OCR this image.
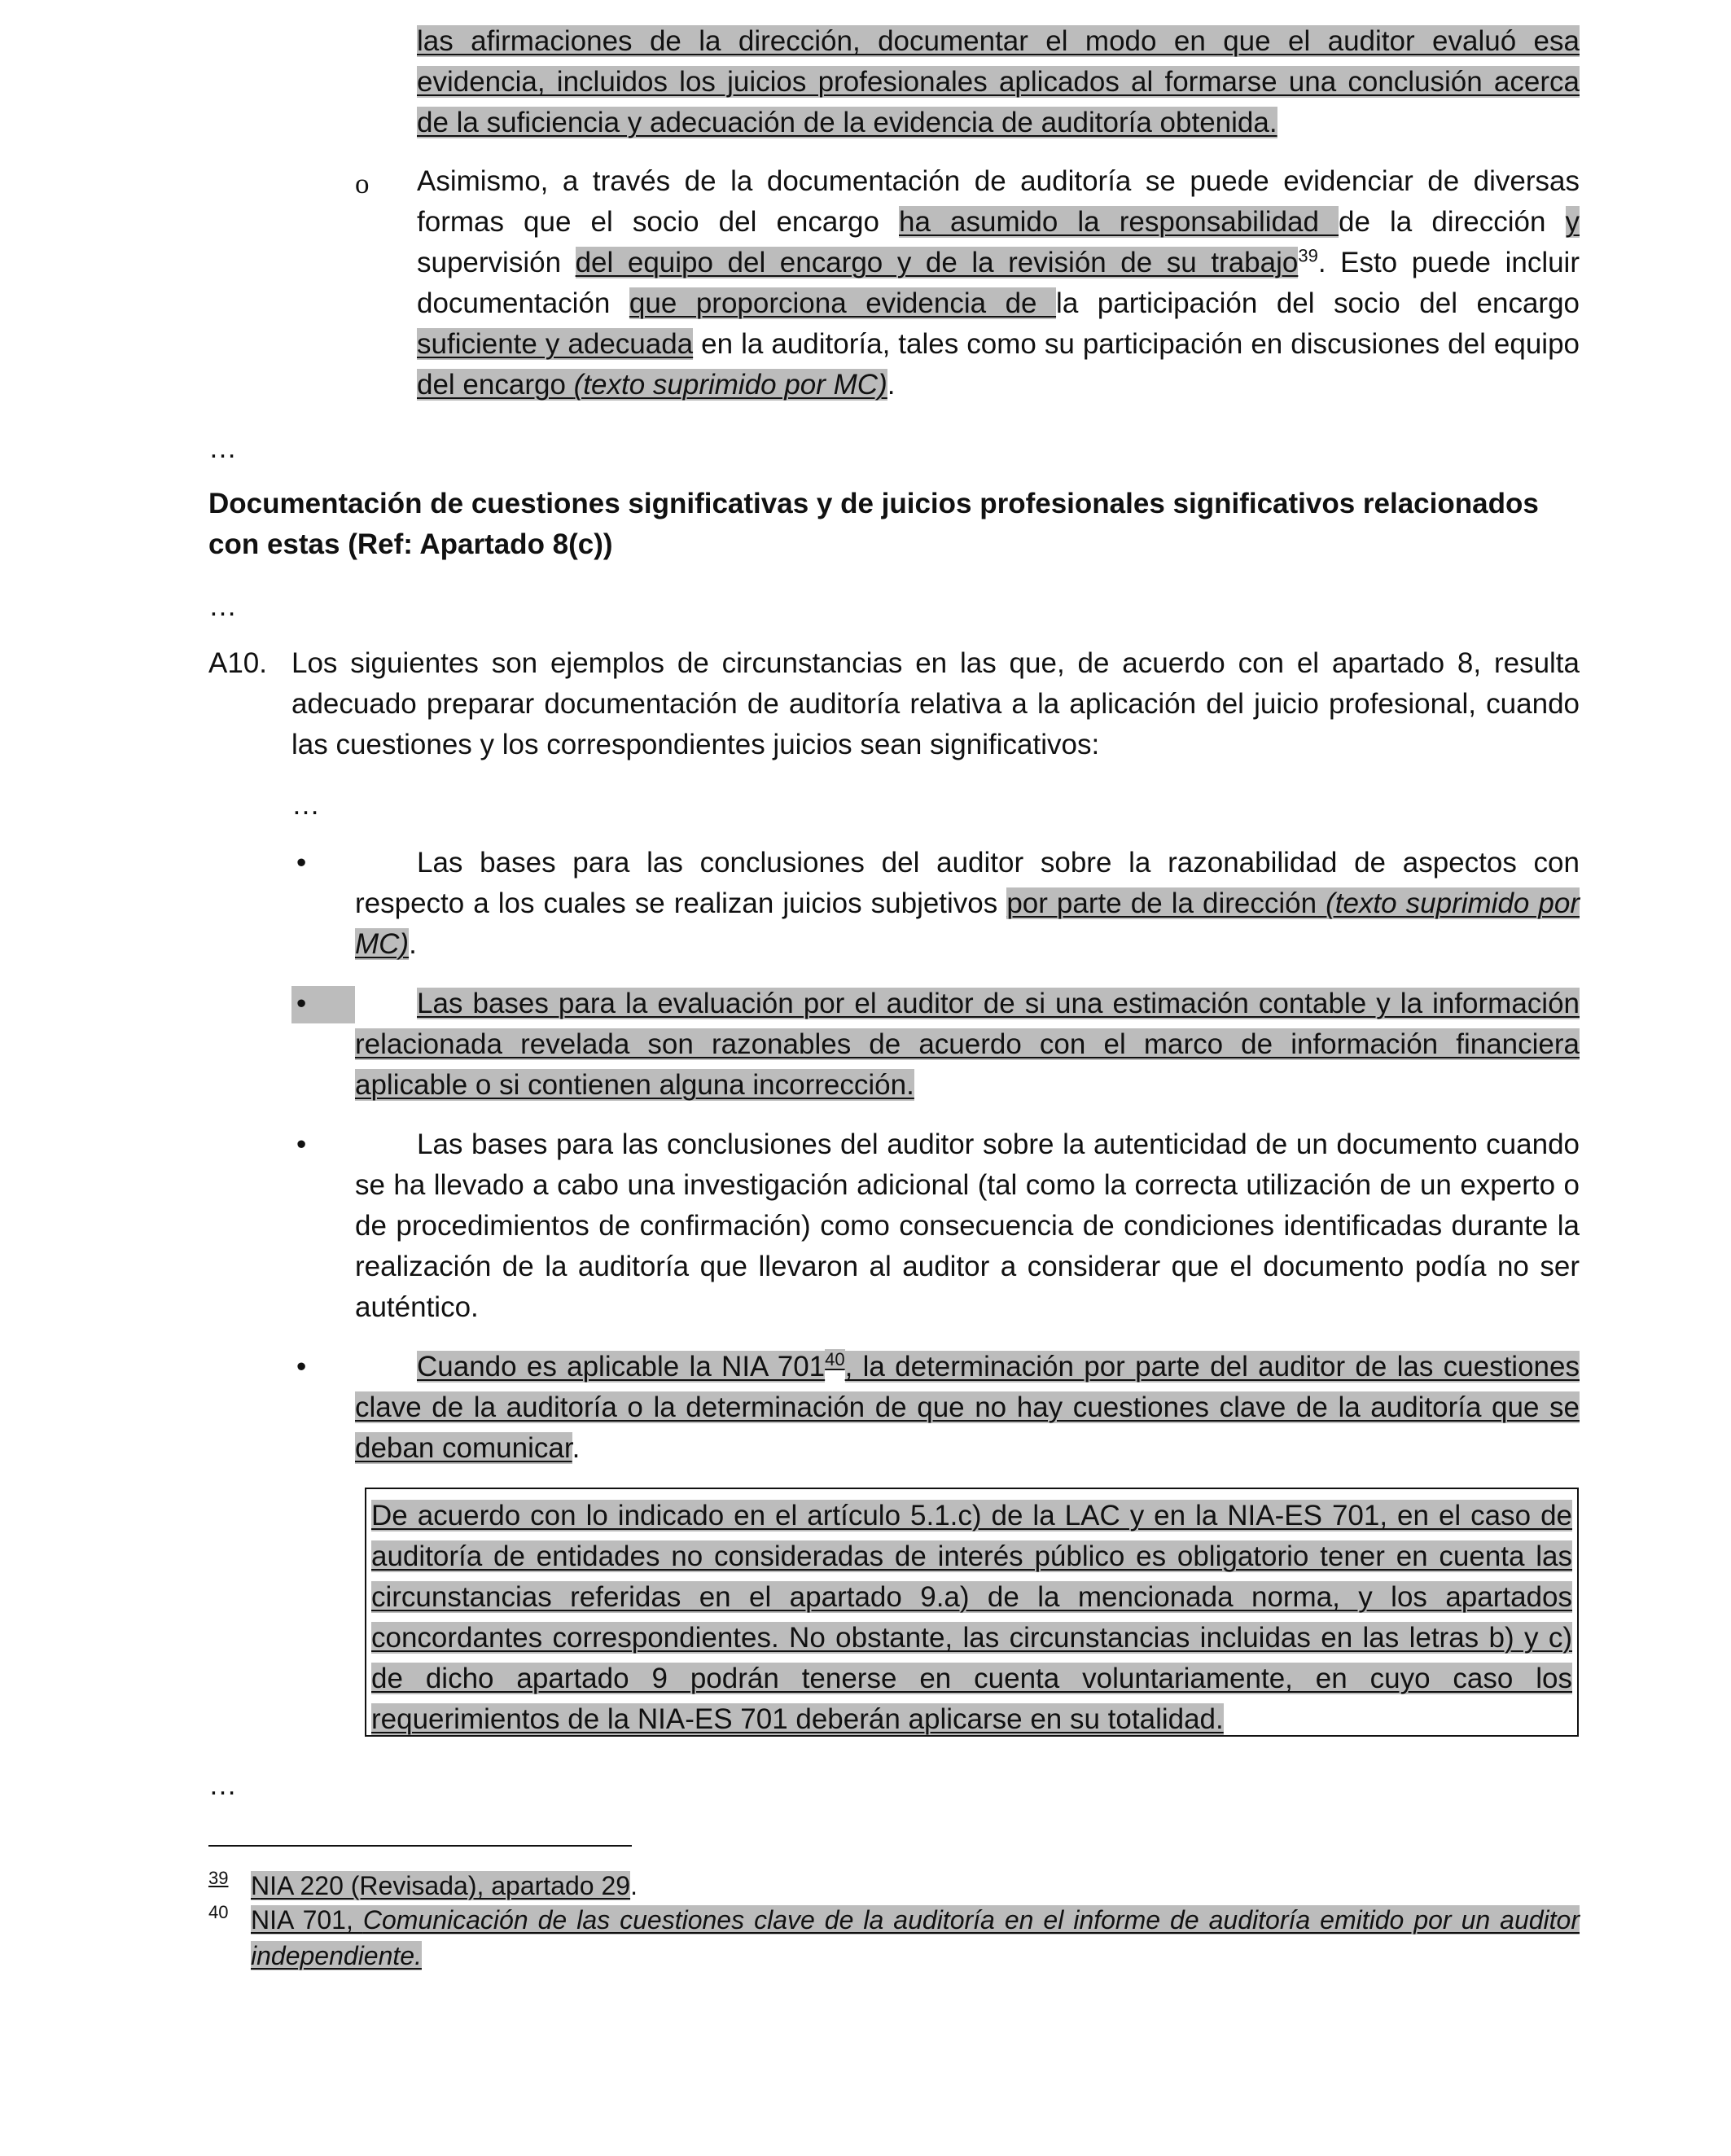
las afirmaciones de la dirección, documentar el modo en que el auditor evaluó esa evidencia, incluidos los juicios profesionales aplicados al formarse una conclusión acerca de la suficiencia y adecuación de la evidencia de auditoría obtenida.

o Asimismo, a través de la documentación de auditoría se puede evidenciar de diversas formas que el socio del encargo ha asumido la responsabilidad de la dirección y supervisión del equipo del encargo y de la revisión de su trabajo$^{39}$. Esto puede incluir documentación que proporciona evidencia de la participación del socio del encargo suficiente y adecuada en la auditoría, tales como su participación en discusiones del equipo del encargo (texto suprimido por MC).

…

Documentación de cuestiones significativas y de juicios profesionales significativos relacionados con estas (Ref: Apartado 8(c))

…
A10. Los siguientes son ejemplos de circunstancias en las que, de acuerdo con el apartado 8, resulta adecuado preparar documentación de auditoría relativa a la aplicación del juicio profesional, cuando las cuestiones y los correspondientes juicios sean significativos:

…
•	Las bases para las conclusiones del auditor sobre la razonabilidad de aspectos con respecto a los cuales se realizan juicios subjetivos por parte de la dirección (texto suprimido por MC).

•	Las bases para la evaluación por el auditor de si una estimación contable y la información relacionada revelada son razonables de acuerdo con el marco de información financiera aplicable o si contienen alguna incorrección.

•	Las bases para las conclusiones del auditor sobre la autenticidad de un documento cuando se ha llevado a cabo una investigación adicional (tal como la correcta utilización de un experto o de procedimientos de confirmación) como consecuencia de condiciones identificadas durante la realización de la auditoría que llevaron al auditor a considerar que el documento podía no ser auténtico.

•	Cuando es aplicable la NIA $701^{40}$, la determinación por parte del auditor de las cuestiones clave de la auditoría o la determinación de que no hay cuestiones clave de la auditoría que se deban comunicar.

De acuerdo con lo indicado en el artículo 5.1.c) de la LAC y en la NIA-ES 701, en el caso de auditoría de entidades no consideradas de interés público es obligatorio tener en cuenta las circunstancias referidas en el apartado 9.a) de la mencionada norma, y los apartados concordantes correspondientes. No obstante, las circunstancias incluidas en las letras b) y c) de dicho apartado 9 podrán tenerse en cuenta voluntariamente, en cuyo caso los requerimientos de la NIA-ES 701 deberán aplicarse en su totalidad.

…
39 NIA 220 (Revisada), apartado 29.

40 NIA 701, Comunicación de las cuestiones clave de la auditoría en el informe de auditoría emitido por un auditor independiente.
